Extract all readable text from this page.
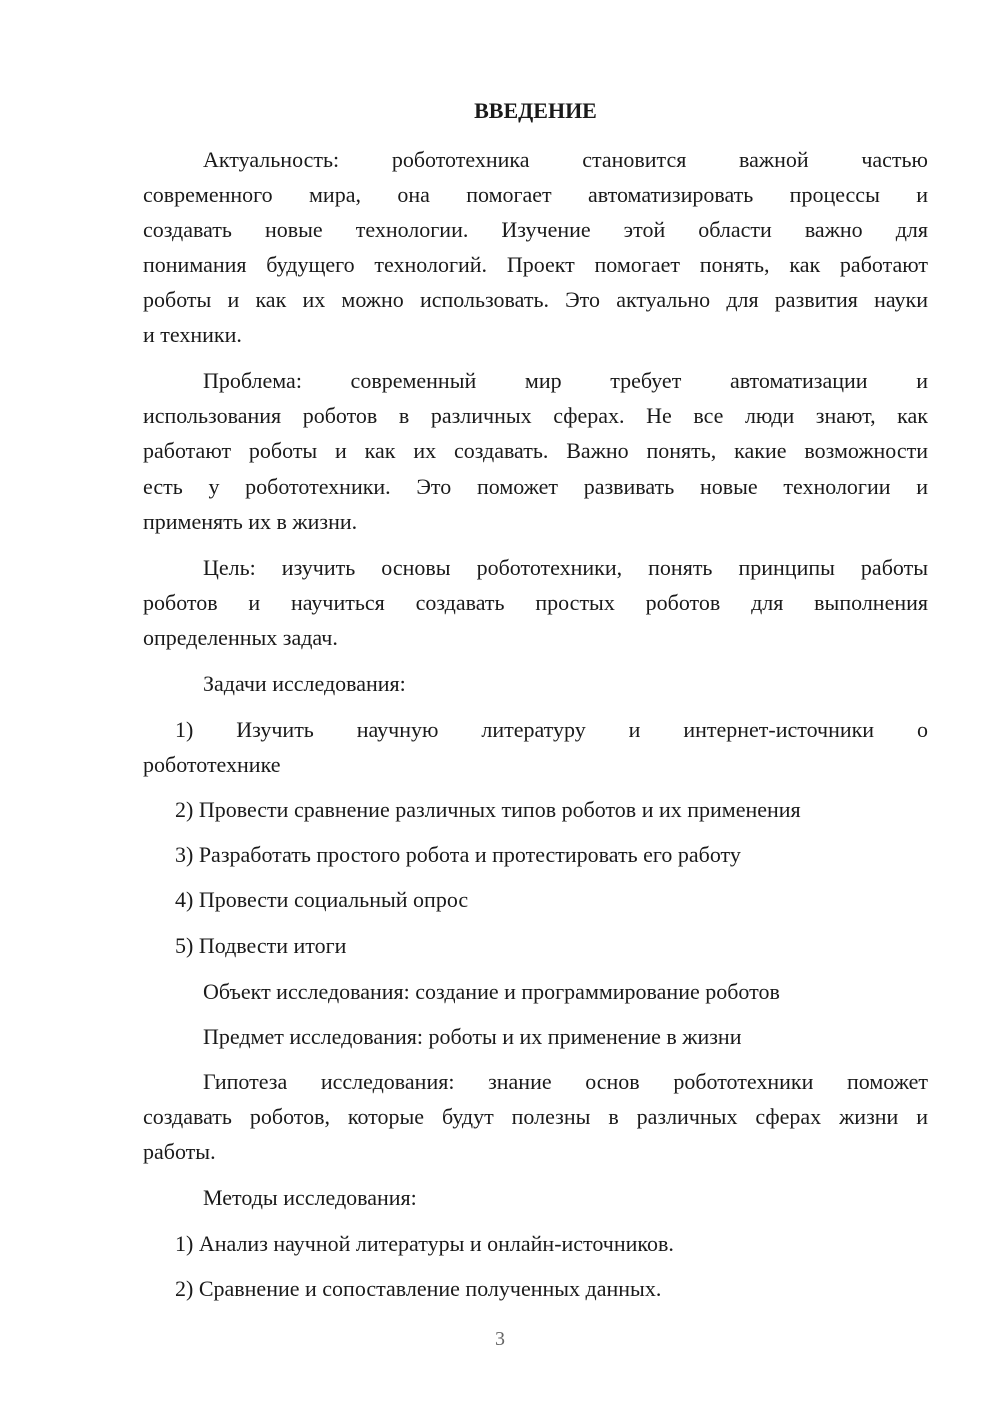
ВВЕДЕНИЕ
Актуальность: робототехника становится важной частью
современного мира, она помогает автоматизировать процессы и
создавать новые технологии. Изучение этой области важно для
понимания будущего технологий. Проект помогает понять, как работают
роботы и как их можно использовать. Это актуально для развития науки
и техники.
Проблема: современный мир требует автоматизации и
использования роботов в различных сферах. Не все люди знают, как
работают роботы и как их создавать. Важно понять, какие возможности
есть у робототехники. Это поможет развивать новые технологии и
применять их в жизни.
Цель: изучить основы робототехники, понять принципы работы
роботов и научиться создавать простых роботов для выполнения
определенных задач.
Задачи исследования:
1) Изучить научную литературу и интернет-источники о
робототехнике
2) Провести сравнение различных типов роботов и их применения
3) Разработать простого робота и протестировать его работу
4) Провести социальный опрос
5) Подвести итоги
Объект исследования: создание и программирование роботов
Предмет исследования: роботы и их применение в жизни
Гипотеза исследования: знание основ робототехники поможет
создавать роботов, которые будут полезны в различных сферах жизни и
работы.
Методы исследования:
1) Анализ научной литературы и онлайн-источников.
2) Сравнение и сопоставление полученных данных.
3
